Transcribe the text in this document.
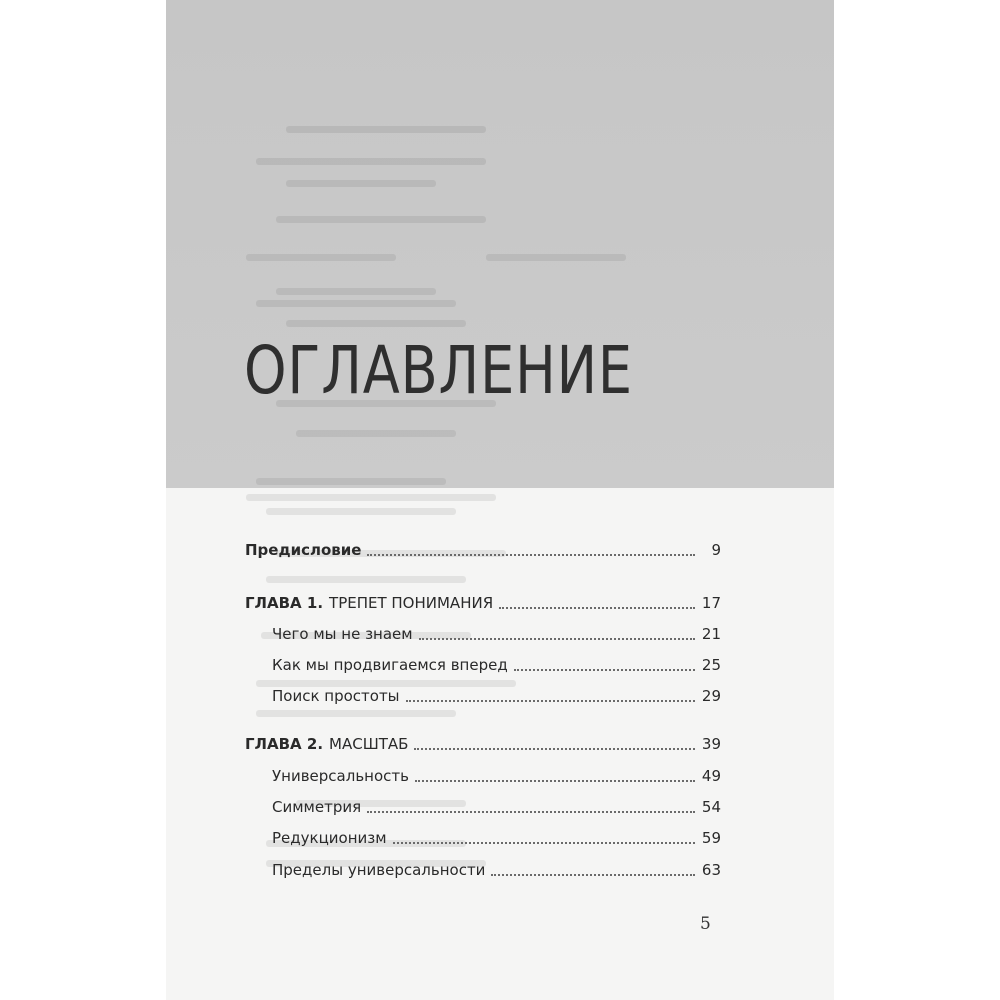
ОГЛАВЛЕНИЕ
Предисловие	9
ГЛАВА 1. ТРЕПЕТ ПОНИМАНИЯ	17
Чего мы не знаем	21
Как мы продвигаемся вперед	25
Поиск простоты	29
ГЛАВА 2. МАСШТАБ	39
Универсальность	49
Симметрия	54
Редукционизм	59
Пределы универсальности	63
5
